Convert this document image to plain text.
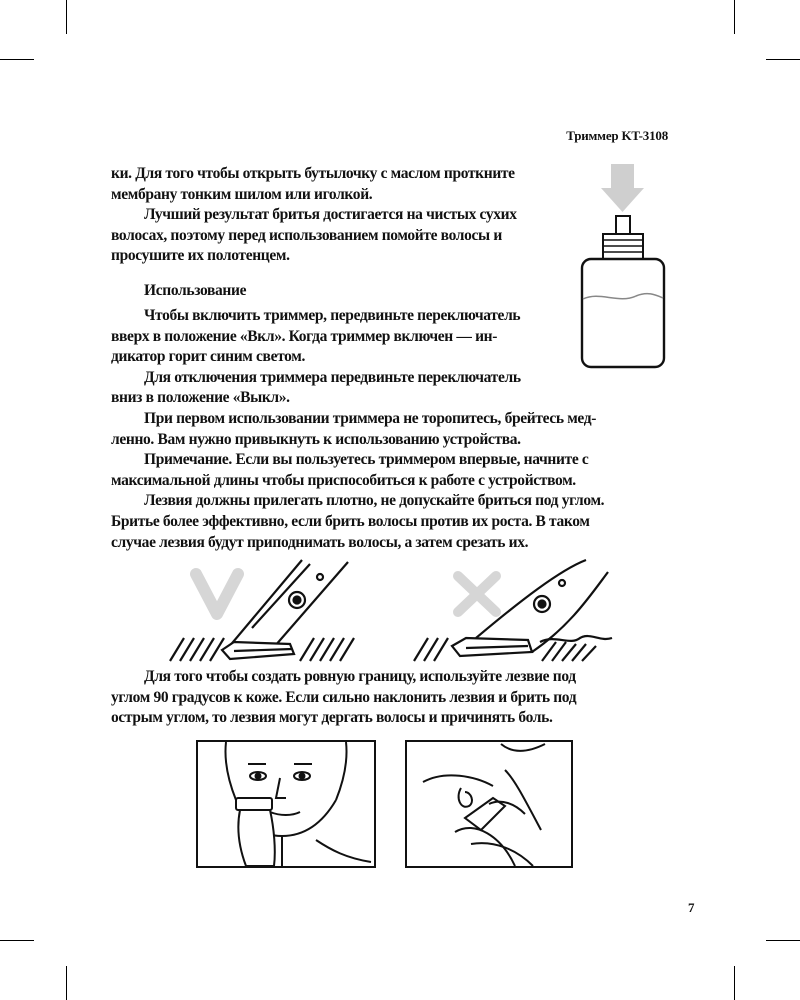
Триммер KT-3108
ки. Для того чтобы открыть бутылочку с маслом проткните
мембрану тонким шилом или иголкой.
Лучший результат бритья достигается на чистых сухих
волосах, поэтому перед использованием помойте волосы и
просушите их полотенцем.
Использование
Чтобы включить триммер, передвиньте переключатель
вверх в положение «Вкл». Когда триммер включен — ин-
дикатор горит синим светом.
Для отключения триммера передвиньте переключатель
вниз в положение «Выкл».
При первом использовании триммера не торопитесь, брейтесь мед-
ленно. Вам нужно привыкнуть к использованию устройства.
Примечание. Если вы пользуетесь триммером впервые, начните с
максимальной длины чтобы приспособиться к работе с устройством.
Лезвия должны прилегать плотно, не допускайте бриться под углом.
Бритье более эффективно, если брить волосы против их роста. В таком
случае лезвия будут приподнимать волосы, а затем срезать их.
Для того чтобы создать ровную границу, используйте лезвие под
углом 90 градусов к коже. Если сильно наклонить лезвия и брить под
острым углом, то лезвия могут дергать волосы и причинять боль.
7
